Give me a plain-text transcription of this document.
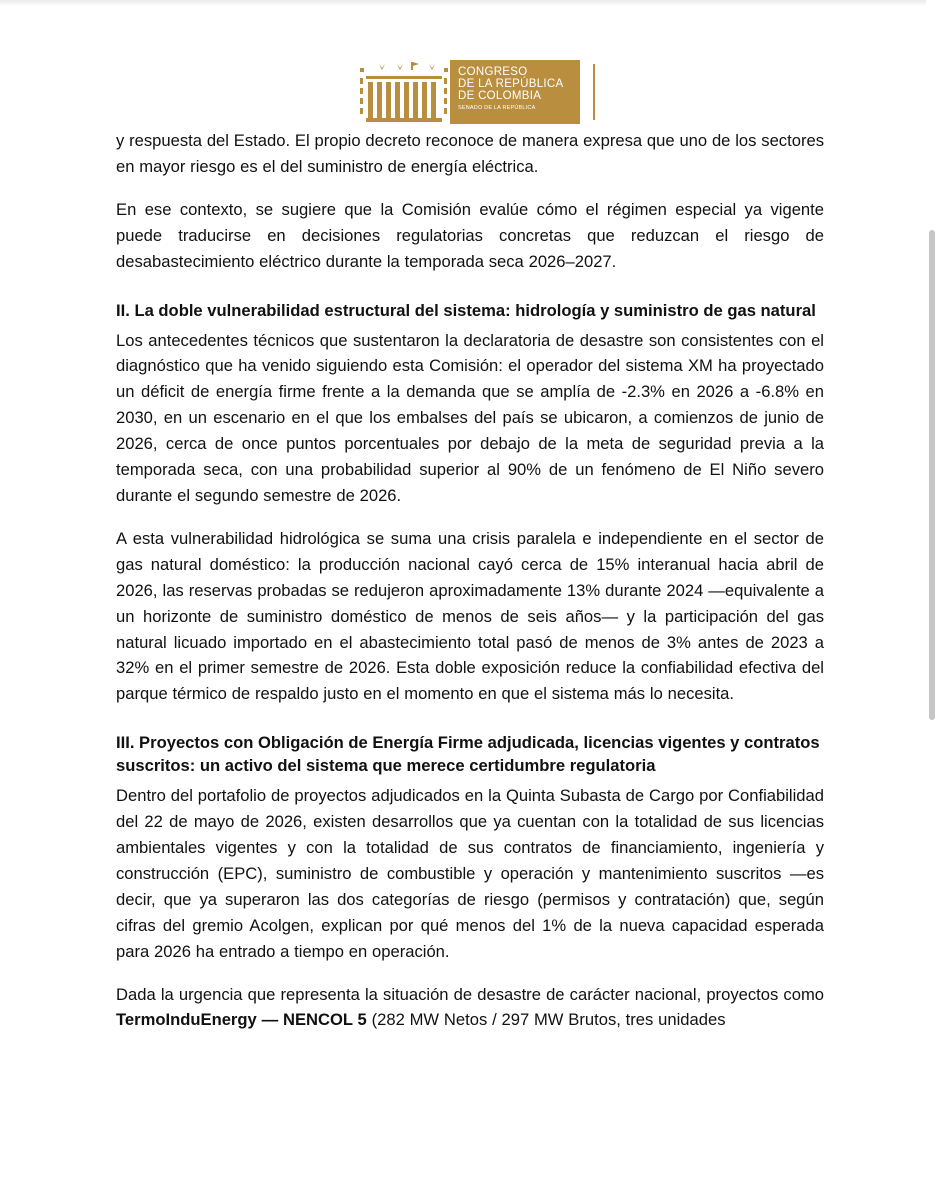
CONGRESO
DE LA REPÚBLICA
DE COLOMBIA
SENADO DE LA REPÚBLICA

y respuesta del Estado. El propio decreto reconoce de manera expresa que uno de los sectores en mayor riesgo es el del suministro de energía eléctrica.

En ese contexto, se sugiere que la Comisión evalúe cómo el régimen especial ya vigente puede traducirse en decisiones regulatorias concretas que reduzcan el riesgo de desabastecimiento eléctrico durante la temporada seca 2026–2027.

II. La doble vulnerabilidad estructural del sistema: hidrología y suministro de gas natural

Los antecedentes técnicos que sustentaron la declaratoria de desastre son consistentes con el diagnóstico que ha venido siguiendo esta Comisión: el operador del sistema XM ha proyectado un déficit de energía firme frente a la demanda que se amplía de -2.3% en 2026 a -6.8% en 2030, en un escenario en el que los embalses del país se ubicaron, a comienzos de junio de 2026, cerca de once puntos porcentuales por debajo de la meta de seguridad previa a la temporada seca, con una probabilidad superior al 90% de un fenómeno de El Niño severo durante el segundo semestre de 2026.

A esta vulnerabilidad hidrológica se suma una crisis paralela e independiente en el sector de gas natural doméstico: la producción nacional cayó cerca de 15% interanual hacia abril de 2026, las reservas probadas se redujeron aproximadamente 13% durante 2024 —equivalente a un horizonte de suministro doméstico de menos de seis años— y la participación del gas natural licuado importado en el abastecimiento total pasó de menos de 3% antes de 2023 a 32% en el primer semestre de 2026. Esta doble exposición reduce la confiabilidad efectiva del parque térmico de respaldo justo en el momento en que el sistema más lo necesita.

III. Proyectos con Obligación de Energía Firme adjudicada, licencias vigentes y contratos suscritos: un activo del sistema que merece certidumbre regulatoria

Dentro del portafolio de proyectos adjudicados en la Quinta Subasta de Cargo por Confiabilidad del 22 de mayo de 2026, existen desarrollos que ya cuentan con la totalidad de sus licencias ambientales vigentes y con la totalidad de sus contratos de financiamiento, ingeniería y construcción (EPC), suministro de combustible y operación y mantenimiento suscritos —es decir, que ya superaron las dos categorías de riesgo (permisos y contratación) que, según cifras del gremio Acolgen, explican por qué menos del 1% de la nueva capacidad esperada para 2026 ha entrado a tiempo en operación.

Dada la urgencia que representa la situación de desastre de carácter nacional, proyectos como TermoInduEnergy — NENCOL 5 (282 MW Netos / 297 MW Brutos, tres unidades
